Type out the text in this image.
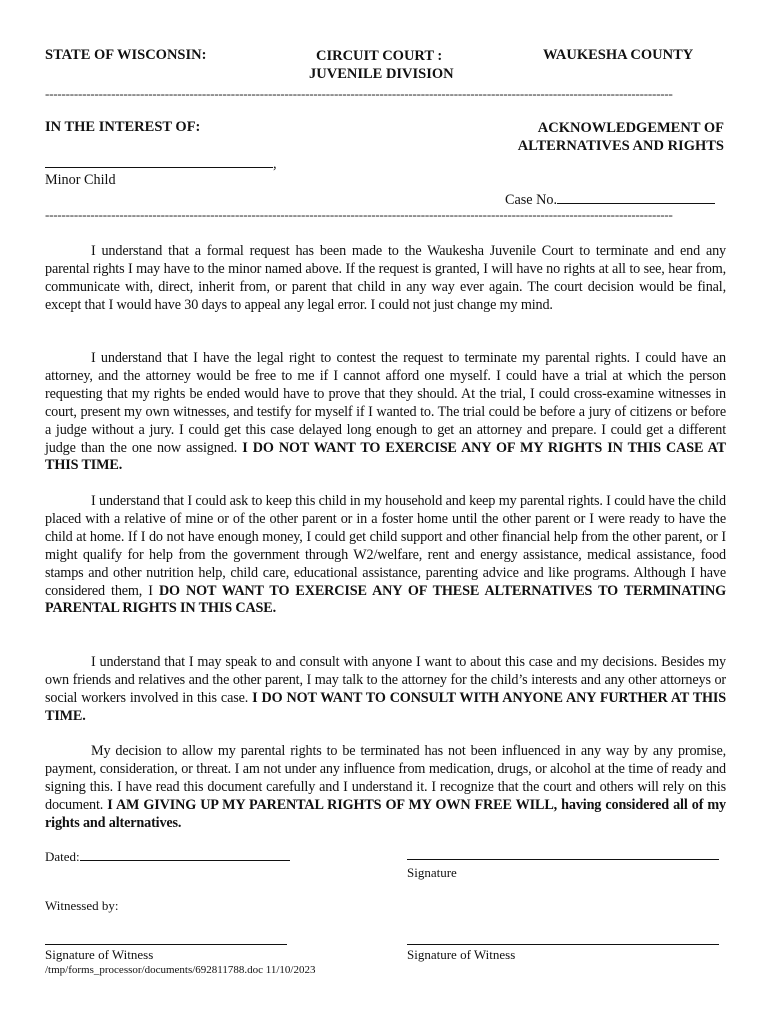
STATE OF WISCONSIN:	CIRCUIT COURT :
JUVENILE DIVISION
WAUKESHA COUNTY
--------------------------------------------------------------------------------------------------------------------------------------------------------
IN THE INTEREST OF:	ACKNOWLEDGEMENT OF
ALTERNATIVES AND RIGHTS
,
Minor Child
Case No.
--------------------------------------------------------------------------------------------------------------------------------------------------------
I understand that a formal request has been made to the Waukesha Juvenile Court to terminate and end any parental rights I may have to the minor named above. If the request is granted, I will have no rights at all to see, hear from, communicate with, direct, inherit from, or parent that child in any way ever again. The court decision would be final, except that I would have 30 days to appeal any legal error. I could not just change my mind.
I understand that I have the legal right to contest the request to terminate my parental rights. I could have an attorney, and the attorney would be free to me if I cannot afford one myself. I could have a trial at which the person requesting that my rights be ended would have to prove that they should. At the trial, I could cross-examine witnesses in court, present my own witnesses, and testify for myself if I wanted to. The trial could be before a jury of citizens or before a judge without a jury. I could get this case delayed long enough to get an attorney and prepare. I could get a different judge than the one now assigned. I DO NOT WANT TO EXERCISE ANY OF MY RIGHTS IN THIS CASE AT THIS TIME.
I understand that I could ask to keep this child in my household and keep my parental rights. I could have the child placed with a relative of mine or of the other parent or in a foster home until the other parent or I were ready to have the child at home. If I do not have enough money, I could get child support and other financial help from the other parent, or I might qualify for help from the government through W2/welfare, rent and energy assistance, medical assistance, food stamps and other nutrition help, child care, educational assistance, parenting advice and like programs. Although I have considered them, I DO NOT WANT TO EXERCISE ANY OF THESE ALTERNATIVES TO TERMINATING PARENTAL RIGHTS IN THIS CASE.
I understand that I may speak to and consult with anyone I want to about this case and my decisions. Besides my own friends and relatives and the other parent, I may talk to the attorney for the child’s interests and any other attorneys or social workers involved in this case. I DO NOT WANT TO CONSULT WITH ANYONE ANY FURTHER AT THIS TIME.
My decision to allow my parental rights to be terminated has not been influenced in any way by any promise, payment, consideration, or threat. I am not under any influence from medication, drugs, or alcohol at the time of ready and signing this. I have read this document carefully and I understand it. I recognize that the court and others will rely on this document. I AM GIVING UP MY PARENTAL RIGHTS OF MY OWN FREE WILL, having considered all of my rights and alternatives.
Dated:
Signature
Witnessed by:
Signature of Witness	Signature of Witness
/tmp/forms_processor/documents/692811788.doc 11/10/2023
